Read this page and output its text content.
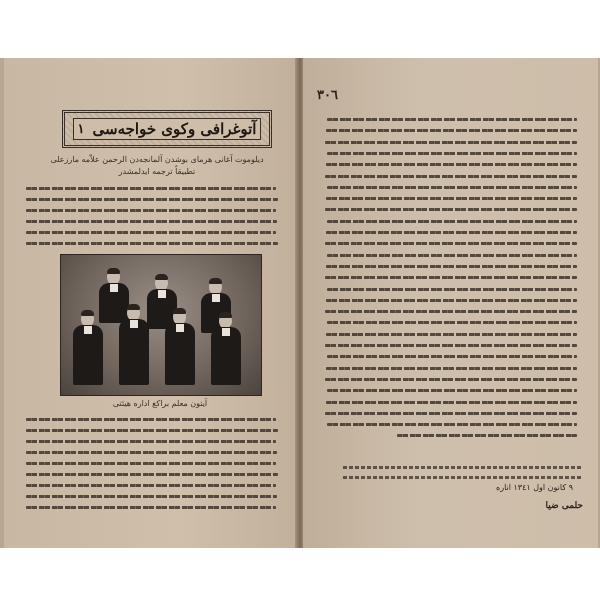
آتوغرافی وکوی خواجه‌سی
١
دیلوموت آغانی هرمای بوشدن آلمانجه‌دن الرحمن علاّمه مارزعلی تطبیقاً ترجمه ایدلمشدر
آیتون معلم براکغ اداره هیئتی
٣٠٦
حلمی ضیا
٩ كانون اول ١٣٤١ اناره
